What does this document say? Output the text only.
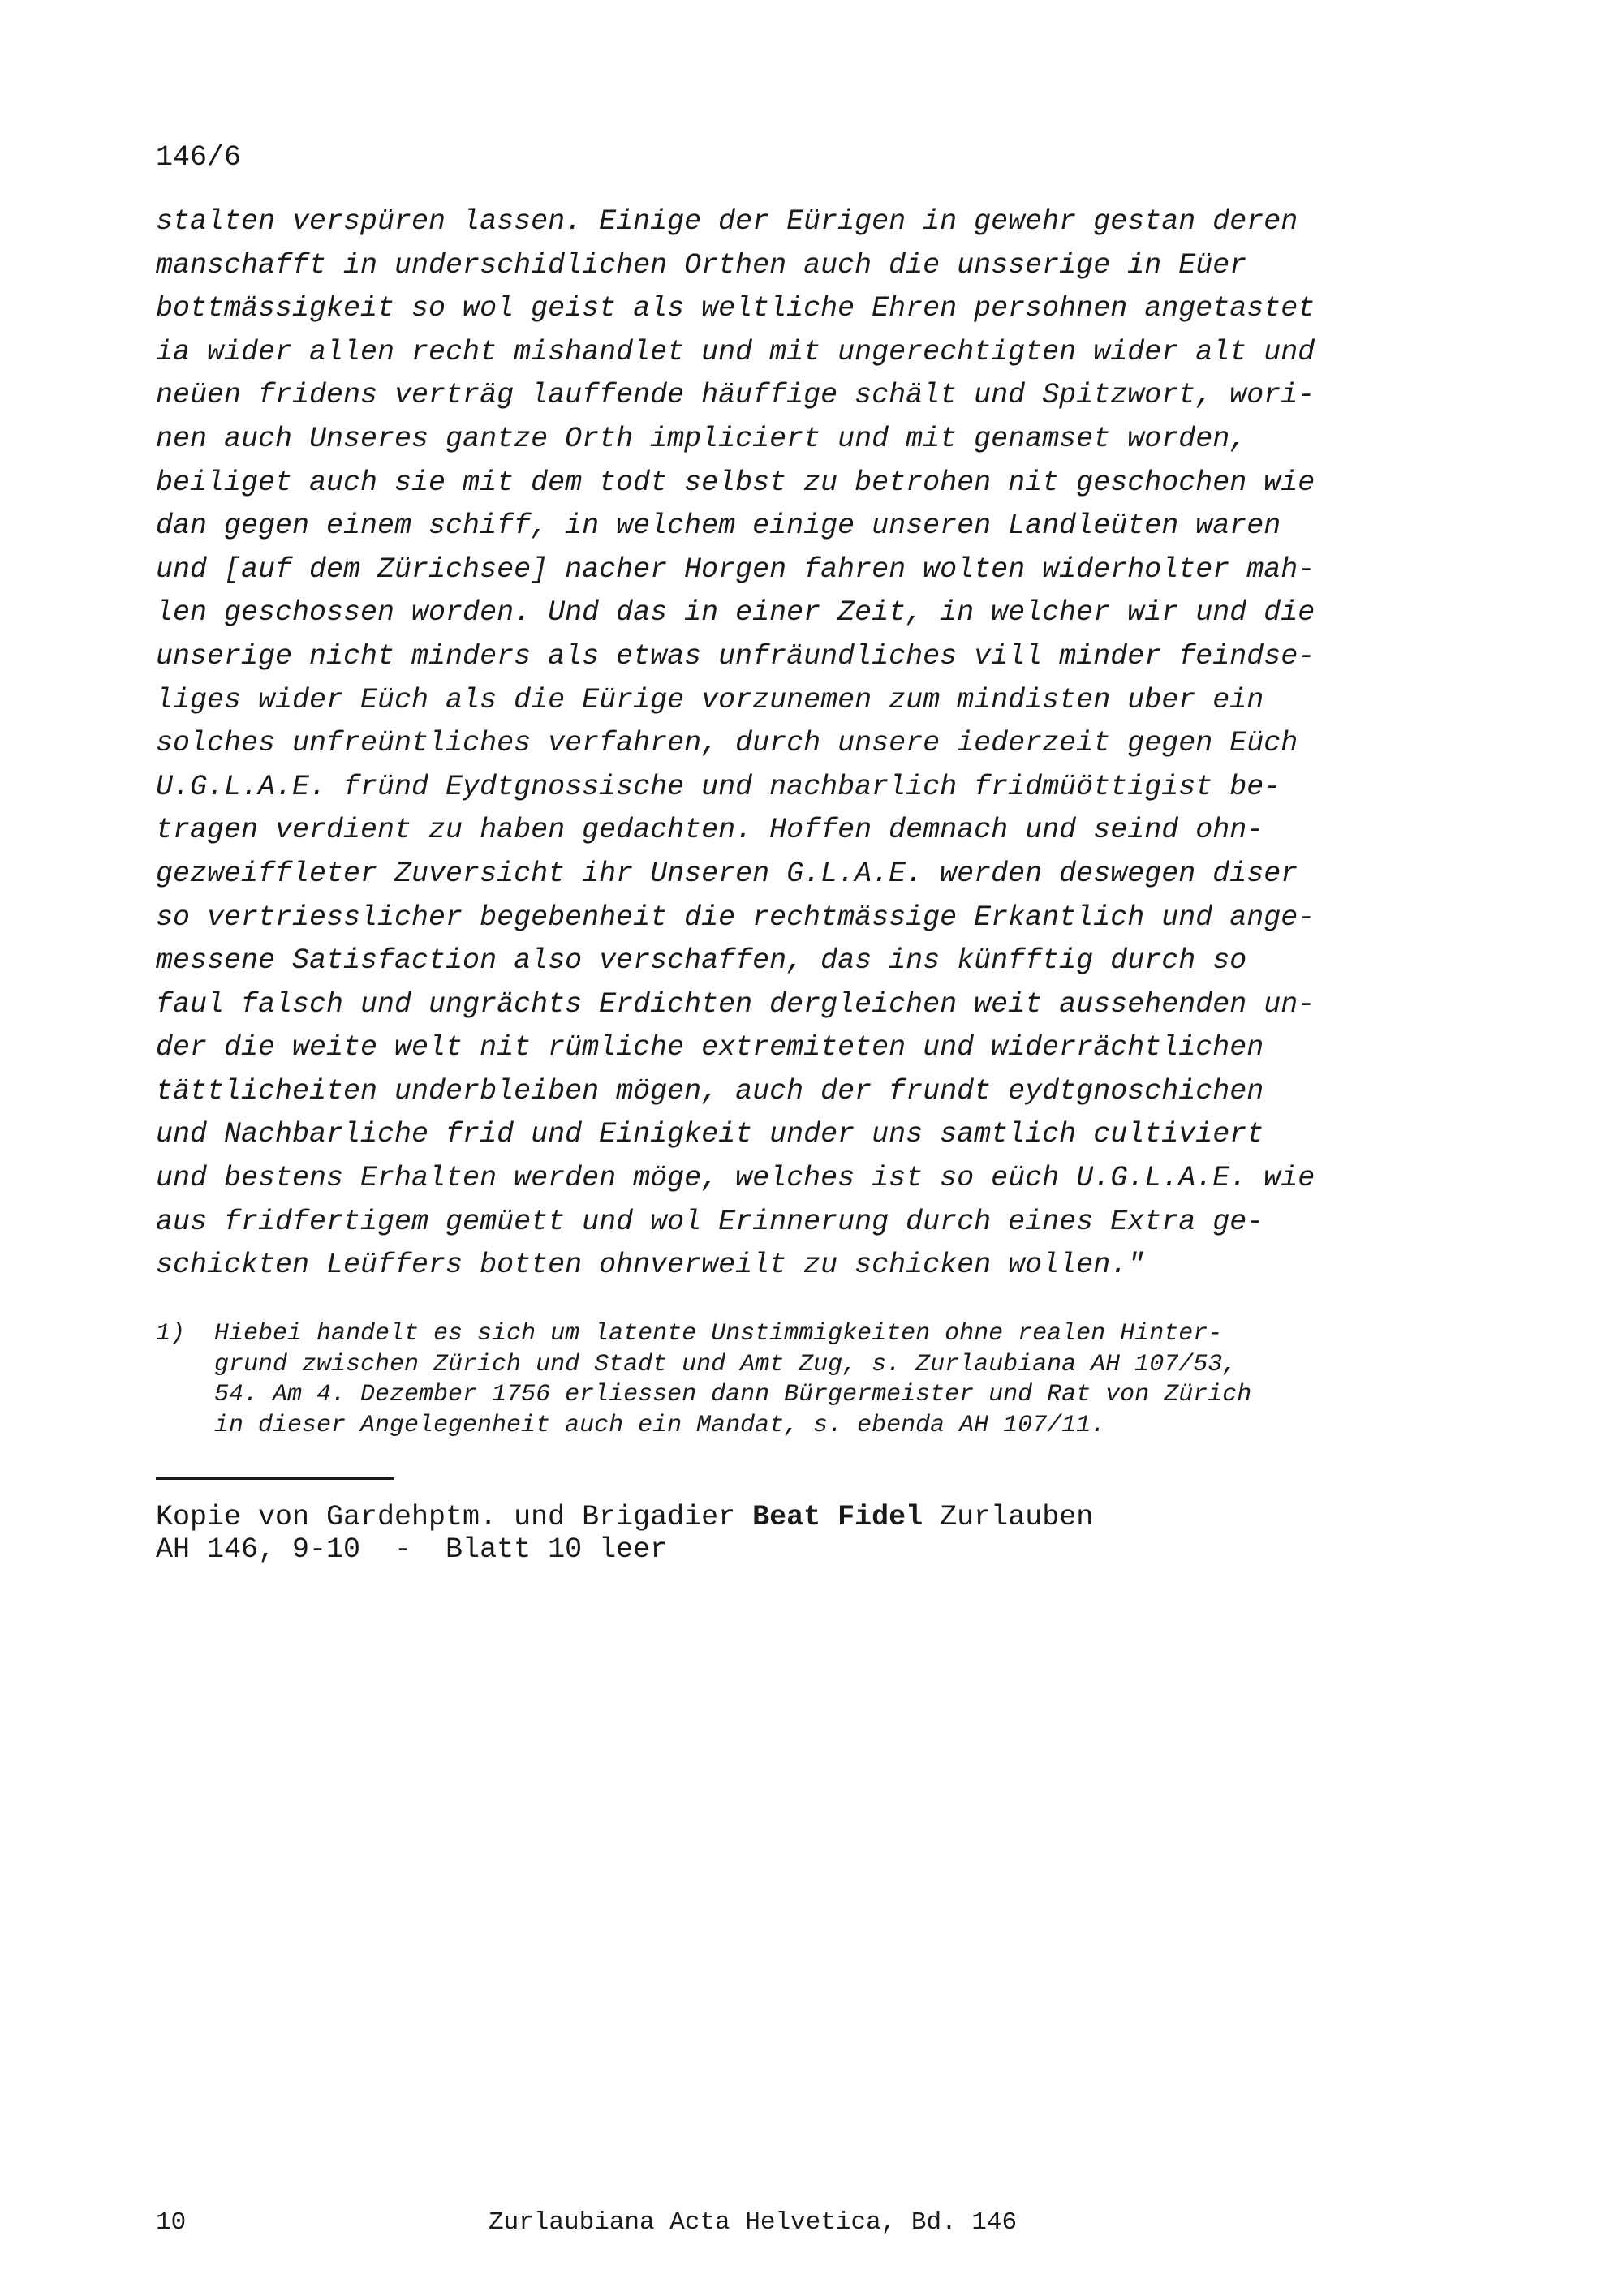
146/6
stalten verspüren lassen. Einige der Eürigen in gewehr gestan deren
manschafft in underschidlichen Orthen auch die unsserige in Eüer
bottmässigkeit so wol geist als weltliche Ehren persohnen angetastet
ia wider allen recht mishandlet und mit ungerechtigten wider alt und
neüen fridens verträg lauffende häuffige schält und Spitzwort, wori-
nen auch Unseres gantze Orth impliciert und mit genamset worden,
beiliget auch sie mit dem todt selbst zu betrohen nit geschochen wie
dan gegen einem schiff, in welchem einige unseren Landleüten waren
und [auf dem Zürichsee] nacher Horgen fahren wolten widerholter mah-
len geschossen worden. Und das in einer Zeit, in welcher wir und die
unserige nicht minders als etwas unfräundliches vill minder feindse-
liges wider Eüch als die Eürige vorzunemen zum mindisten uber ein
solches unfreüntliches verfahren, durch unsere iederzeit gegen Eüch
U.G.L.A.E. fründ Eydtgnossische und nachbarlich fridmüöttigist be-
tragen verdient zu haben gedachten. Hoffen demnach und seind ohn-
gezweiffleter Zuversicht ihr Unseren G.L.A.E. werden deswegen diser
so vertriesslicher begebenheit die rechtmässige Erkantlich und ange-
messene Satisfaction also verschaffen, das ins künfftig durch so
faul falsch und ungrächts Erdichten dergleichen weit aussehenden un-
der die weite welt nit rümliche extremiteten und widerrächtlichen
tättlicheiten underbleiben mögen, auch der frundt eydtgnoschichen
und Nachbarliche frid und Einigkeit under uns samtlich cultiviert
und bestens Erhalten werden möge, welches ist so eüch U.G.L.A.E. wie
aus fridfertigem gemüett und wol Erinnerung durch eines Extra ge-
schickten Leüffers botten ohnverweilt zu schicken wollen."
1) Hiebei handelt es sich um latente Unstimmigkeiten ohne realen Hinter-
grund zwischen Zürich und Stadt und Amt Zug, s. Zurlaubiana AH 107/53,
54. Am 4. Dezember 1756 erliessen dann Bürgermeister und Rat von Zürich
in dieser Angelegenheit auch ein Mandat, s. ebenda AH 107/11.
Kopie von Gardehptm. und Brigadier Beat Fidel Zurlauben
AH 146, 9-10  -  Blatt 10 leer
10	Zurlaubiana Acta Helvetica, Bd. 146
